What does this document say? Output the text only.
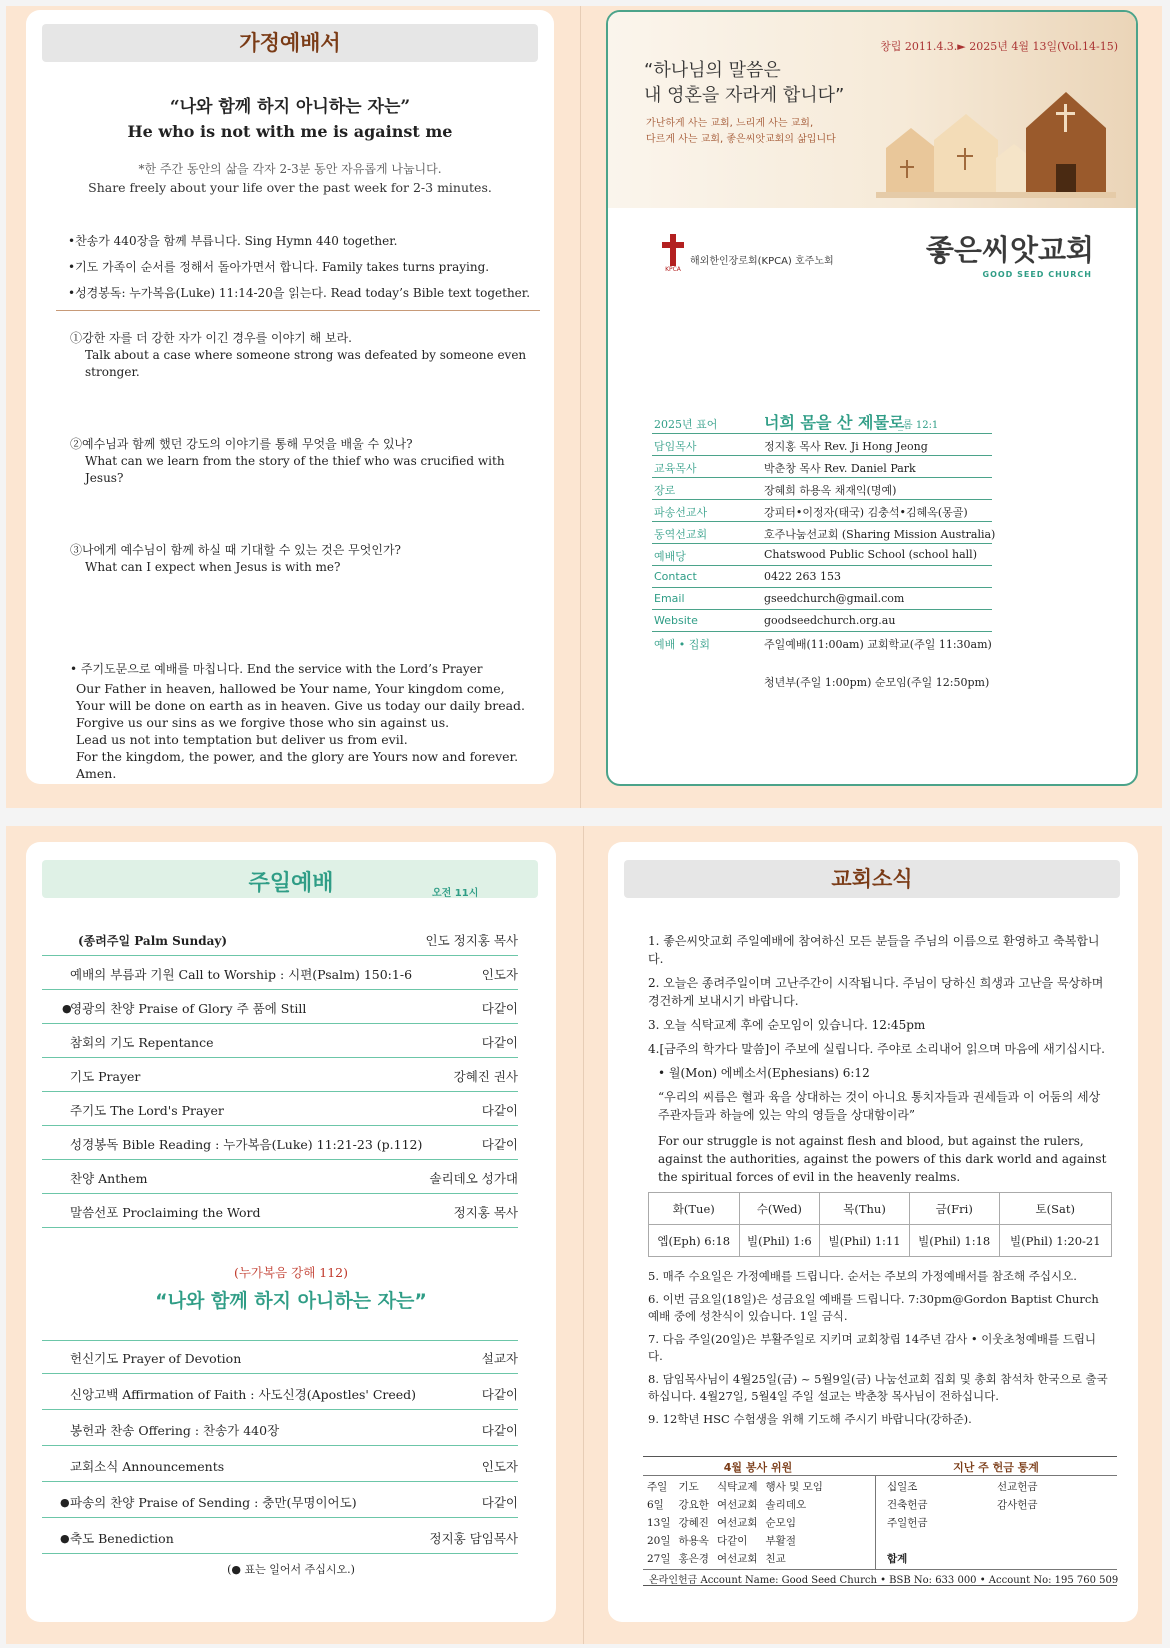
가정예배서
“나와 함께 하지 아니하는 자는”
He who is not with me is against me
*한 주간 동안의 삶을 각자 2-3분 동안 자유롭게 나눕니다.
Share freely about your life over the past week for 2-3 minutes.
•찬송가 440장을 함께 부릅니다. Sing Hymn 440 together.
•기도 가족이 순서를 정해서 돌아가면서 합니다. Family takes turns praying.
•성경봉독: 누가복음(Luke) 11:14-20을 읽는다. Read today’s Bible text together.
①강한 자를 더 강한 자가 이긴 경우를 이야기 해 보라.
Talk about a case where someone strong was defeated by someone even stronger.
②예수님과 함께 했던 강도의 이야기를 통해 무엇을 배울 수 있나?
What can we learn from the story of the thief who was crucified with Jesus?
③나에게 예수님이 함께 하실 때 기대할 수 있는 것은 무엇인가?
What can I expect when Jesus is with me?
• 주기도문으로 예배를 마칩니다. End the service with the Lord’s Prayer
Our Father in heaven, hallowed be Your name, Your kingdom come,
Your will be done on earth as in heaven. Give us today our daily bread.
Forgive us our sins as we forgive those who sin against us.
Lead us not into temptation but deliver us from evil.
For the kingdom, the power, and the glory are Yours now and forever. Amen.
창립 2011.4.3.► 2025년 4월 13일(Vol.14-15)
“하나님의 말씀은
내 영혼을 자라게 합니다”
가난하게 사는 교회, 느리게 사는 교회,
다르게 사는 교회, 좋은씨앗교회의 삶입니다
KPCA
해외한인장로회(KPCA) 호주노회	좋은씨앗교회
GOOD SEED CHURCH
2025년 표어	너희 몸을 산 제물로
_롬 12:1
담임목사	정지홍 목사 Rev. Ji Hong Jeong
교육목사	박춘창 목사 Rev. Daniel Park
장로	장혜희 하용옥 채재익(명예)
파송선교사	강피터•이정자(태국) 김충석•김혜옥(몽골)
동역선교회	호주나눔선교회 (Sharing Mission Australia)
예배당	Chatswood Public School (school hall)
Contact	0422 263 153
Email	gseedchurch@gmail.com
Website	goodseedchurch.org.au
예배 • 집회	주일예배(11:00am) 교회학교(주일 11:30am)
청년부(주일 1:00pm) 순모임(주일 12:50pm)
주일예배	오전 11시
(종려주일 Palm Sunday)	인도 정지홍 목사
예배의 부름과 기원 Call to Worship : 시편(Psalm) 150:1-6	인도자
●
영광의 찬양 Praise of Glory 주 품에 Still	다같이
참회의 기도 Repentance	다같이
기도 Prayer	강혜진 권사
주기도 The Lord's Prayer	다같이
성경봉독 Bible Reading : 누가복음(Luke) 11:21-23 (p.112)	다같이
찬양 Anthem	솔리데오 성가대
말씀선포 Proclaiming the Word	정지홍 목사
(누가복음 강해 112)
“나와 함께 하지 아니하는 자는”
헌신기도 Prayer of Devotion	설교자
신앙고백 Affirmation of Faith : 사도신경(Apostles' Creed)	다같이
봉헌과 찬송 Offering : 찬송가 440장	다같이
교회소식 Announcements	인도자
● 파송의 찬양 Praise of Sending : 충만(무명이어도)	다같이
● 축도 Benediction	정지홍 담임목사
(● 표는 일어서 주십시오.)
교회소식
1. 좋은씨앗교회 주일예배에 참여하신 모든 분들을 주님의 이름으로 환영하고 축복합니다.
2. 오늘은 종려주일이며 고난주간이 시작됩니다. 주님이 당하신 희생과 고난을 묵상하며 경건하게 보내시기 바랍니다.
3. 오늘 식탁교제 후에 순모임이 있습니다. 12:45pm
4.[금주의 학가다 말씀]이 주보에 실립니다. 주야로 소리내어 읽으며 마음에 새기십시다.
• 월(Mon) 에베소서(Ephesians) 6:12
“우리의 씨름은 혈과 육을 상대하는 것이 아니요 통치자들과 권세들과 이 어둠의 세상 주관자들과 하늘에 있는 악의 영들을 상대함이라”
For our struggle is not against flesh and blood, but against the rulers, against the authorities, against the powers of this dark world and against the spiritual forces of evil in the heavenly realms.
화(Tue)	수(Wed)	목(Thu)	금(Fri)	토(Sat)
엡(Eph) 6:18	빌(Phil) 1:6	빌(Phil) 1:11	빌(Phil) 1:18	빌(Phil) 1:20-21
5. 매주 수요일은 가정예배를 드립니다. 순서는 주보의 가정예배서를 참조해 주십시오.
6. 이번 금요일(18일)은 성금요일 예배를 드립니다. 7:30pm@Gordon Baptist Church 예배 중에 성찬식이 있습니다. 1일 금식.
7. 다음 주일(20일)은 부활주일로 지키며 교회창립 14주년 감사 • 이웃초청예배를 드립니다.
8. 담임목사님이 4월25일(금) ~ 5월9일(금) 나눔선교회 집회 및 총회 참석차 한국으로 출국하십니다. 4월27일, 5월4일 주일 설교는 박춘창 목사님이 전하십니다.
9. 12학년 HSC 수험생을 위해 기도해 주시기 바랍니다(강하준).
4월 봉사 위원	지난 주 헌금 통계
주일	기도	식탁교제	행사 및 모임
6일	강요한	여선교회	솔리데오
13일	강혜진	여선교회	순모임
20일	하용옥	다같이	부활절
27일	홍은경	여선교회	친교
십일조	선교헌금
건축헌금	감사헌금
주일헌금	

합계	
온라인헌금 Account Name: Good Seed Church • BSB No: 633 000 • Account No: 195 760 509
